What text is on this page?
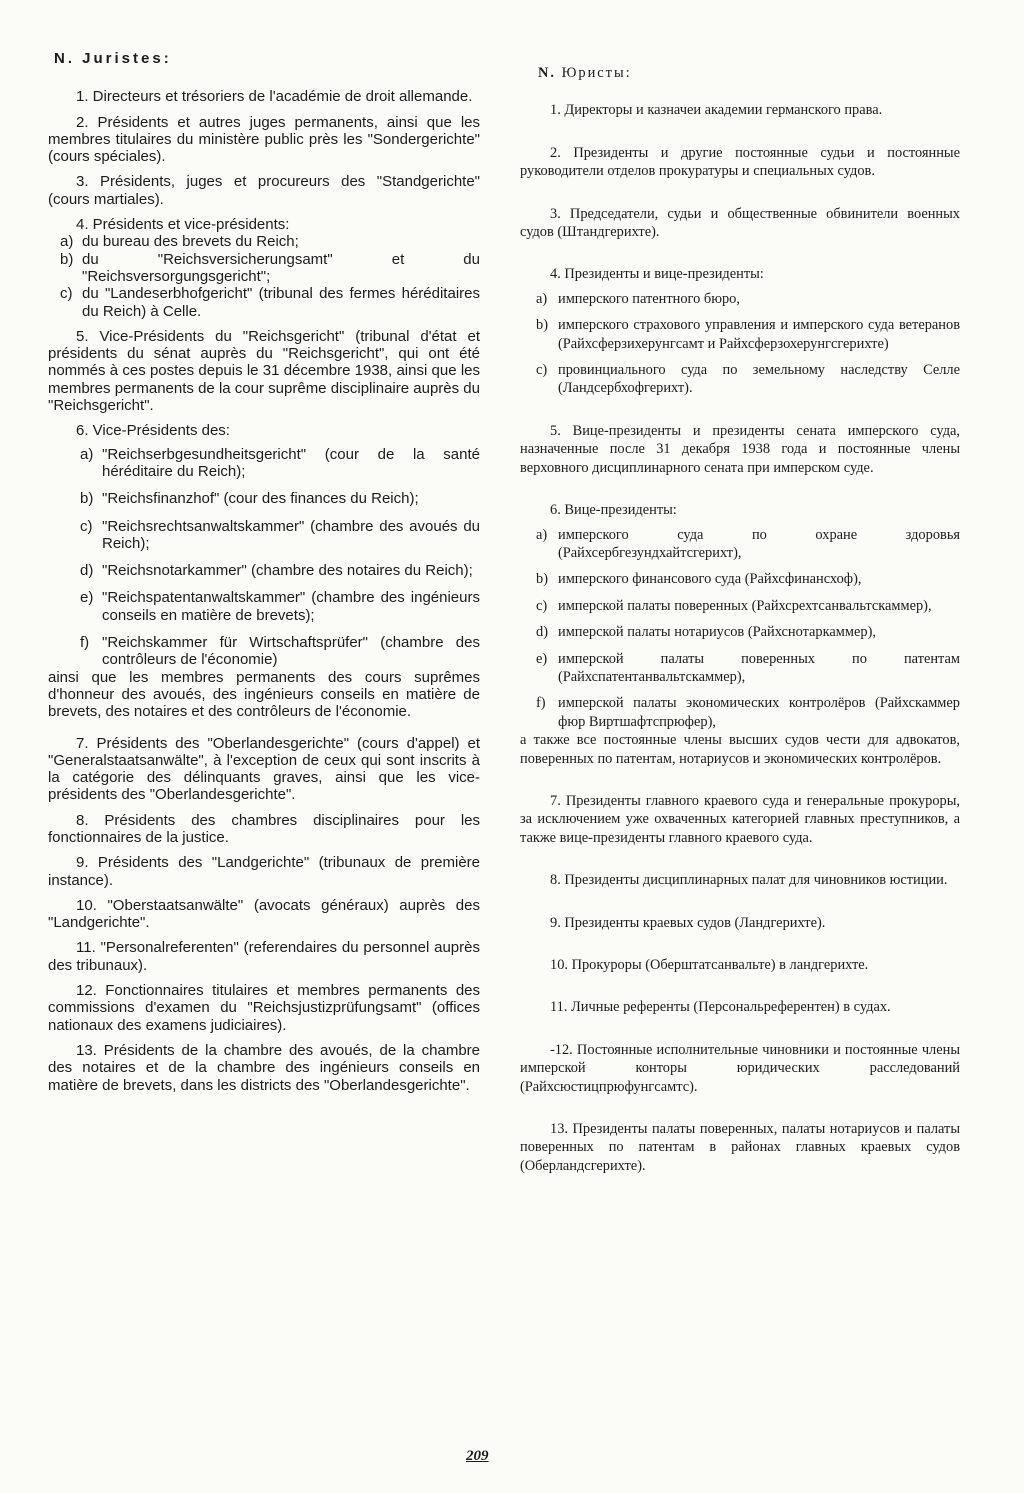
N. Juristes:

1. Directeurs et trésoriers de l'académie de droit allemande.

2. Présidents et autres juges permanents, ainsi que les membres titulaires du ministère public près les "Sondergerichte" (cours spéciales).

3. Présidents, juges et procureurs des "Standgerichte" (cours martiales).

4. Présidents et vice-présidents:

a) du bureau des brevets du Reich;
b) du "Reichsversicherungsamt" et du "Reichsversorgungsgericht";
c) du "Landeserbhofgericht" (tribunal des fermes héréditaires du Reich) à Celle.

5. Vice-Présidents du "Reichsgericht" (tribunal d'état et présidents du sénat auprès du "Reichsgericht", qui ont été nommés à ces postes depuis le 31 décembre 1938, ainsi que les membres permanents de la cour suprême disciplinaire auprès du "Reichsgericht".

6. Vice-Présidents des:

a) "Reichserbgesundheitsgericht" (cour de la santé héréditaire du Reich);
b) "Reichsfinanzhof" (cour des finances du Reich);
c) "Reichsrechtsanwaltskammer" (chambre des avoués du Reich);
d) "Reichsnotarkammer" (chambre des notaires du Reich);
e) "Reichspatentanwaltskammer" (chambre des ingénieurs conseils en matière de brevets);
f) "Reichskammer für Wirtschaftsprüfer" (chambre des contrôleurs de l'économie)

ainsi que les membres permanents des cours suprêmes d'honneur des avoués, des ingénieurs conseils en matière de brevets, des notaires et des contrôleurs de l'économie.

7. Présidents des "Oberlandesgerichte" (cours d'appel) et "Generalstaatsanwälte", à l'exception de ceux qui sont inscrits à la catégorie des délinquants graves, ainsi que les vice-présidents des "Oberlandesgerichte".

8. Présidents des chambres disciplinaires pour les fonctionnaires de la justice.

9. Présidents des "Landgerichte" (tribunaux de première instance).

10. "Oberstaatsanwälte" (avocats généraux) auprès des "Landgerichte".

11. "Personalreferenten" (referendaires du personnel auprès des tribunaux).

12. Fonctionnaires titulaires et membres permanents des commissions d'examen du "Reichsjustizprüfungsamt" (offices nationaux des examens judiciaires).

13. Présidents de la chambre des avoués, de la chambre des notaires et de la chambre des ingénieurs conseils en matière de brevets, dans les districts des "Oberlandesgerichte".

N. Юристы:

1. Директоры и казначеи академии германского права.

2. Президенты и другие постоянные судьи и постоянные руководители отделов прокуратуры и специальных судов.

3. Председатели, судьи и общественные обвинители военных судов (Штандгерихте).

4. Президенты и вице-президенты:

а) имперского патентного бюро,
b) имперского страхового управления и имперского суда ветеранов (Райхсферзихерунгсамт и Райхсферзохерунгсгерихте)
с) провинциального суда по земельному наследству Селле (Ландсербхофгерихт).

5. Вице-президенты и президенты сената имперского суда, назначенные после 31 декабря 1938 года и постоянные члены верховного дисциплинарного сената при имперском суде.

6. Вице-президенты:

а) имперского суда по охране здоровья (Райхсербгезундхайтсгерихт),
b) имперского финансового суда (Райхсфинансхоф),
с) имперской палаты поверенных (Райхсрехтсанвальтскаммер),
d) имперской палаты нотариусов (Райхснотаркаммер),
е) имперской палаты поверенных по патентам (Райхспатентанвальтскаммер),
f) имперской палаты экономических контролёров (Райхскаммер фюр Виртшафтспрюфер),

а также все постоянные члены высших судов чести для адвокатов, поверенных по патентам, нотариусов и экономических контролёров.

7. Президенты главного краевого суда и генеральные прокуроры, за исключением уже охваченных категорией главных преступников, а также вице-президенты главного краевого суда.

8. Президенты дисциплинарных палат для чиновников юстиции.

9. Президенты краевых судов (Ландгерихте).

10. Прокуроры (Оберштатсанвальте) в ландгерихте.

11. Личные референты (Персональреферентен) в судах.

-12. Постоянные исполнительные чиновники и постоянные члены имперской конторы юридических расследований (Райхсюстицпрюфунгсамтс).

13. Президенты палаты поверенных, палаты нотариусов и палаты поверенных по патентам в районах главных краевых судов (Оберландсгерихте).

209
